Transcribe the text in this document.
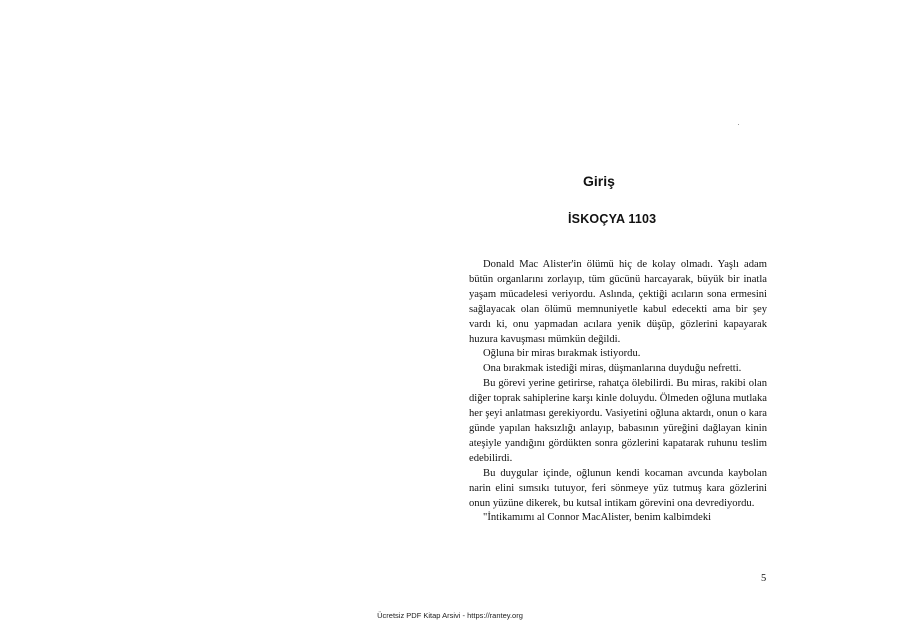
Giriş
İSKOÇYA 1103

Donald Mac Alister'in ölümü hiç de kolay olmadı. Yaşlı adam bütün organlarını zorlayıp, tüm gücünü harcayarak, büyük bir inatla yaşam mücadelesi veriyordu. Aslında, çektiği acıların sona ermesini sağlayacak olan ölümü memnuniyetle kabul edecekti ama bir şey vardı ki, onu yapmadan acılara yenik düşüp, gözlerini kapayarak huzura kavuşması mümkün değildi.

Oğluna bir miras bırakmak istiyordu.

Ona bırakmak istediği miras, düşmanlarına duyduğu nefretti.

Bu görevi yerine getirirse, rahatça ölebilirdi. Bu miras, rakibi olan diğer toprak sahiplerine karşı kinle doluydu. Ölmeden oğluna mutlaka her şeyi anlatması gerekiyordu. Vasiyetini oğluna aktardı, onun o kara günde yapılan haksızlığı anlayıp, babasının yüreğini dağlayan kinin ateşiyle yandığını gördükten sonra gözlerini kapatarak ruhunu teslim edebilirdi.

Bu duygular içinde, oğlunun kendi kocaman avcunda kaybolan narin elini sımsıkı tutuyor, feri sönmeye yüz tutmuş kara gözlerini onun yüzüne dikerek, bu kutsal intikam görevini ona devrediyordu.

"İntikamımı al Connor MacAlister, benim kalbimdeki

5
Ücretsiz PDF Kitap Arsivi - https://rantey.org
